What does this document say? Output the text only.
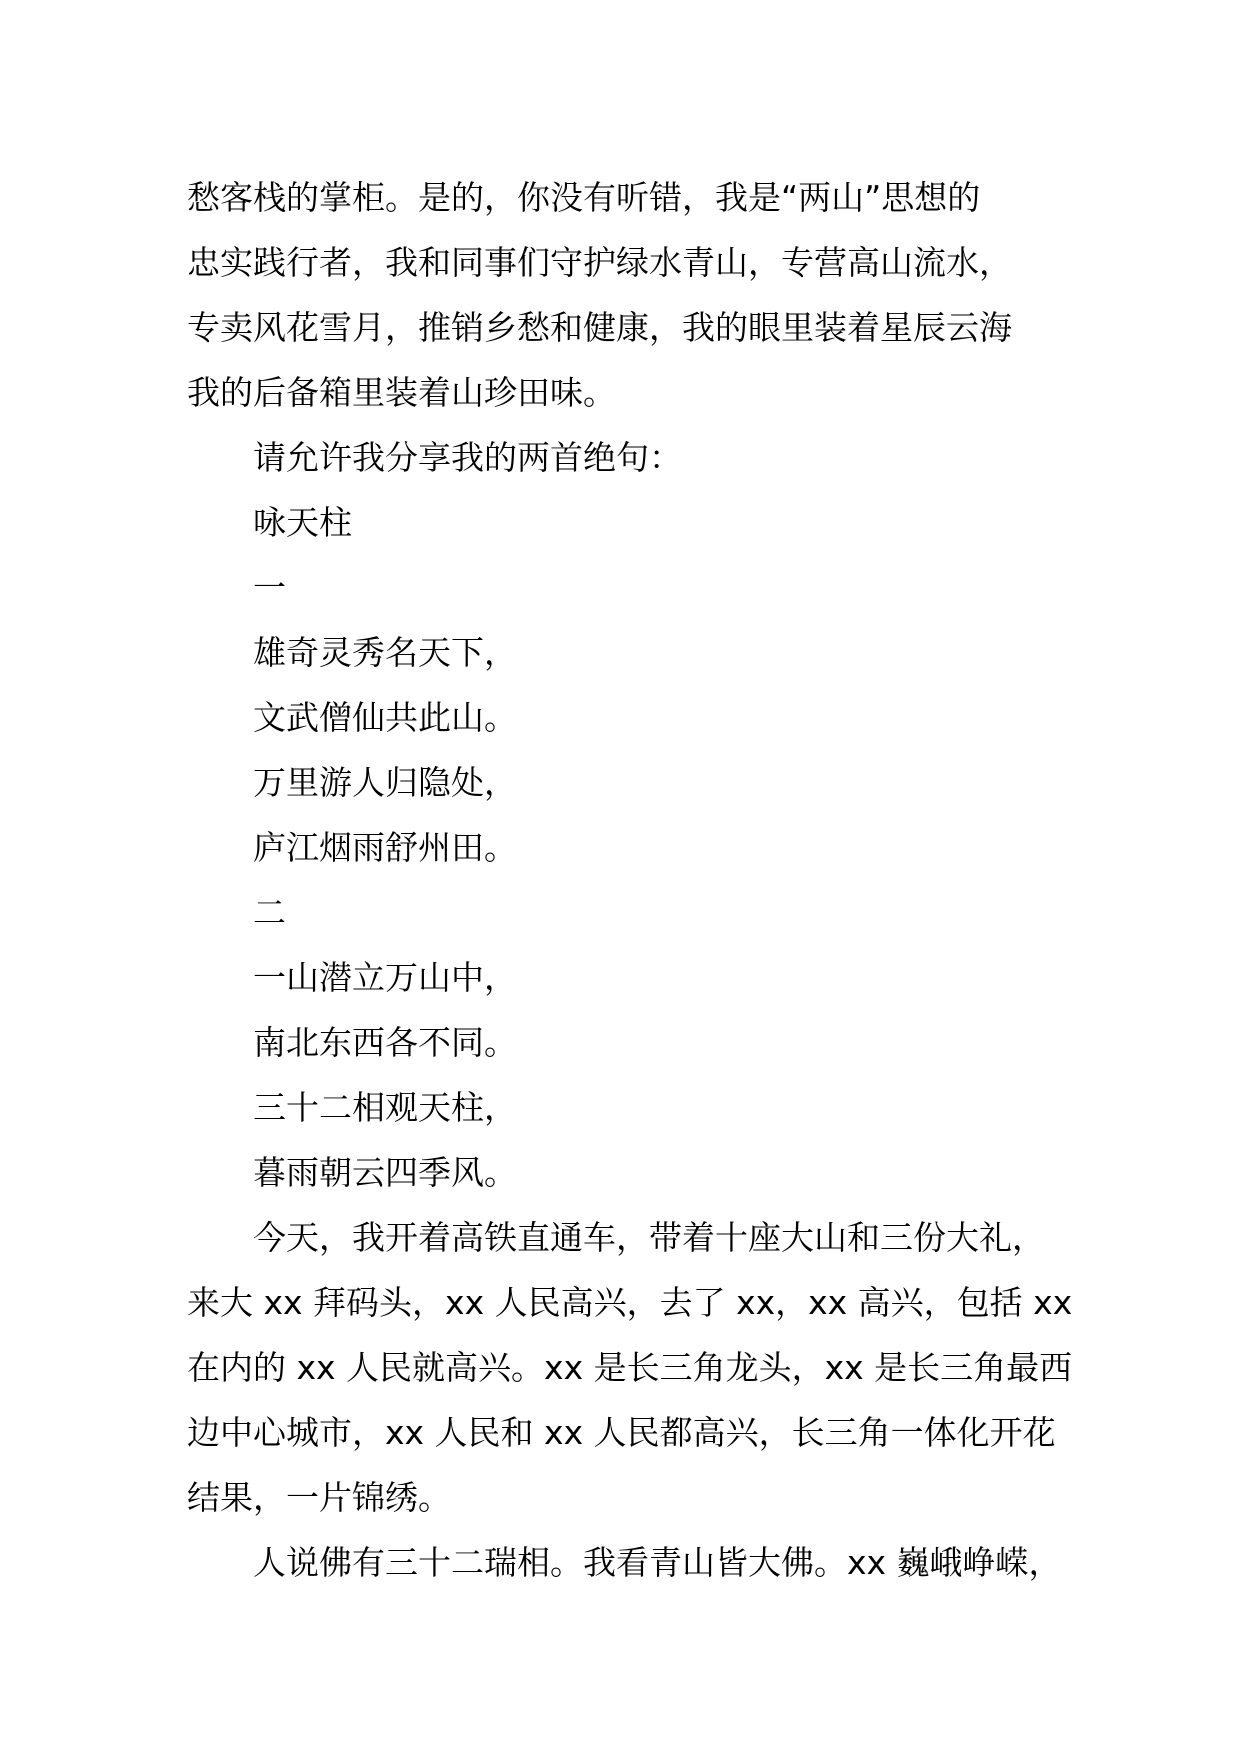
愁客栈的掌柜。是的，你没有听错，我是“两山”思想的
忠实践行者，我和同事们守护绿水青山，专营高山流水，
专卖风花雪月，推销乡愁和健康，我的眼里装着星辰云海
我的后备箱里装着山珍田味。
请允许我分享我的两首绝句：
咏天柱
一
雄奇灵秀名天下，
文武僧仙共此山。
万里游人归隐处，
庐江烟雨舒州田。
二
一山潜立万山中，
南北东西各不同。
三十二相观天柱，
暮雨朝云四季风。
今天，我开着高铁直通车，带着十座大山和三份大礼，
来大 xx 拜码头，xx 人民高兴，去了 xx，xx 高兴，包括 xx
在内的 xx 人民就高兴。xx 是长三角龙头，xx 是长三角最西
边中心城市，xx 人民和 xx 人民都高兴，长三角一体化开花
结果，一片锦绣。
人说佛有三十二瑞相。我看青山皆大佛。xx 巍峨峥嵘，
